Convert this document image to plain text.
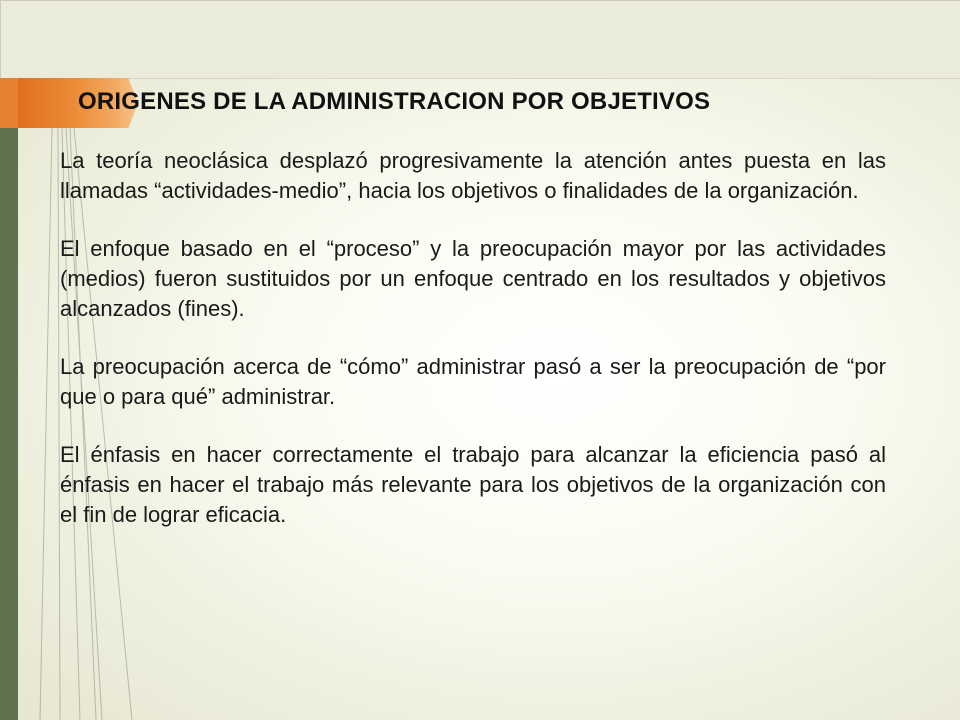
ORIGENES DE LA ADMINISTRACION POR OBJETIVOS

La teoría neoclásica desplazó progresivamente la atención antes puesta en las llamadas “actividades-medio”, hacia los objetivos o finalidades de la organización.

El enfoque basado en el “proceso” y la preocupación mayor por las actividades (medios) fueron sustituidos por un enfoque centrado en los resultados y objetivos alcanzados (fines).

La preocupación acerca de “cómo” administrar pasó a ser la preocupación de “por que o para qué” administrar.

El énfasis en hacer correctamente el trabajo para alcanzar la eficiencia pasó al énfasis en hacer el trabajo más relevante para los objetivos de la organización con el fin de lograr eficacia.
